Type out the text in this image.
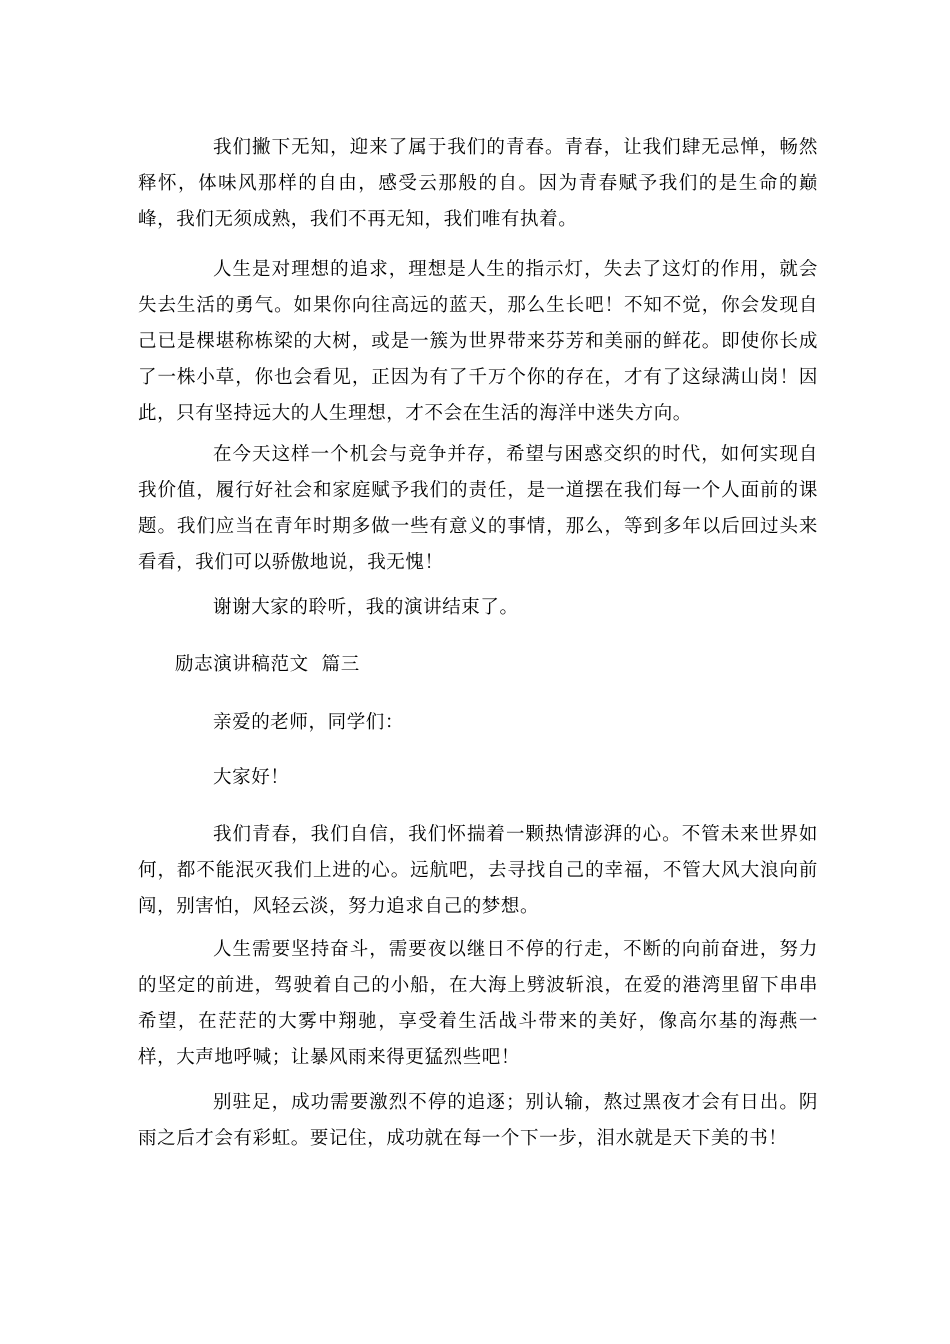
我们撇下无知，迎来了属于我们的青春。青春，让我们肆无忌惮，畅然释怀，体味风那样的自由，感受云那般的自。因为青春赋予我们的是生命的巅峰，我们无须成熟，我们不再无知，我们唯有执着。

人生是对理想的追求，理想是人生的指示灯，失去了这灯的作用，就会失去生活的勇气。如果你向往高远的蓝天，那么生长吧！不知不觉，你会发现自己已是棵堪称栋梁的大树，或是一簇为世界带来芬芳和美丽的鲜花。即使你长成了一株小草，你也会看见，正因为有了千万个你的存在，才有了这绿满山岗！因此，只有坚持远大的人生理想，才不会在生活的海洋中迷失方向。

在今天这样一个机会与竞争并存，希望与困惑交织的时代，如何实现自我价值，履行好社会和家庭赋予我们的责任，是一道摆在我们每一个人面前的课题。我们应当在青年时期多做一些有意义的事情，那么，等到多年以后回过头来看看，我们可以骄傲地说，我无愧！

谢谢大家的聆听，我的演讲结束了。

励志演讲稿范文  篇三

亲爱的老师，同学们：

大家好！

我们青春，我们自信，我们怀揣着一颗热情澎湃的心。不管未来世界如何，都不能泯灭我们上进的心。远航吧，去寻找自己的幸福，不管大风大浪向前闯，别害怕，风轻云淡，努力追求自己的梦想。

人生需要坚持奋斗，需要夜以继日不停的行走，不断的向前奋进，努力的坚定的前进，驾驶着自己的小船，在大海上劈波斩浪，在爱的港湾里留下串串希望，在茫茫的大雾中翔驰，享受着生活战斗带来的美好，像高尔基的海燕一样，大声地呼喊；让暴风雨来得更猛烈些吧！

别驻足，成功需要激烈不停的追逐；别认输，熬过黑夜才会有日出。阴雨之后才会有彩虹。要记住，成功就在每一个下一步，泪水就是天下美的书！
